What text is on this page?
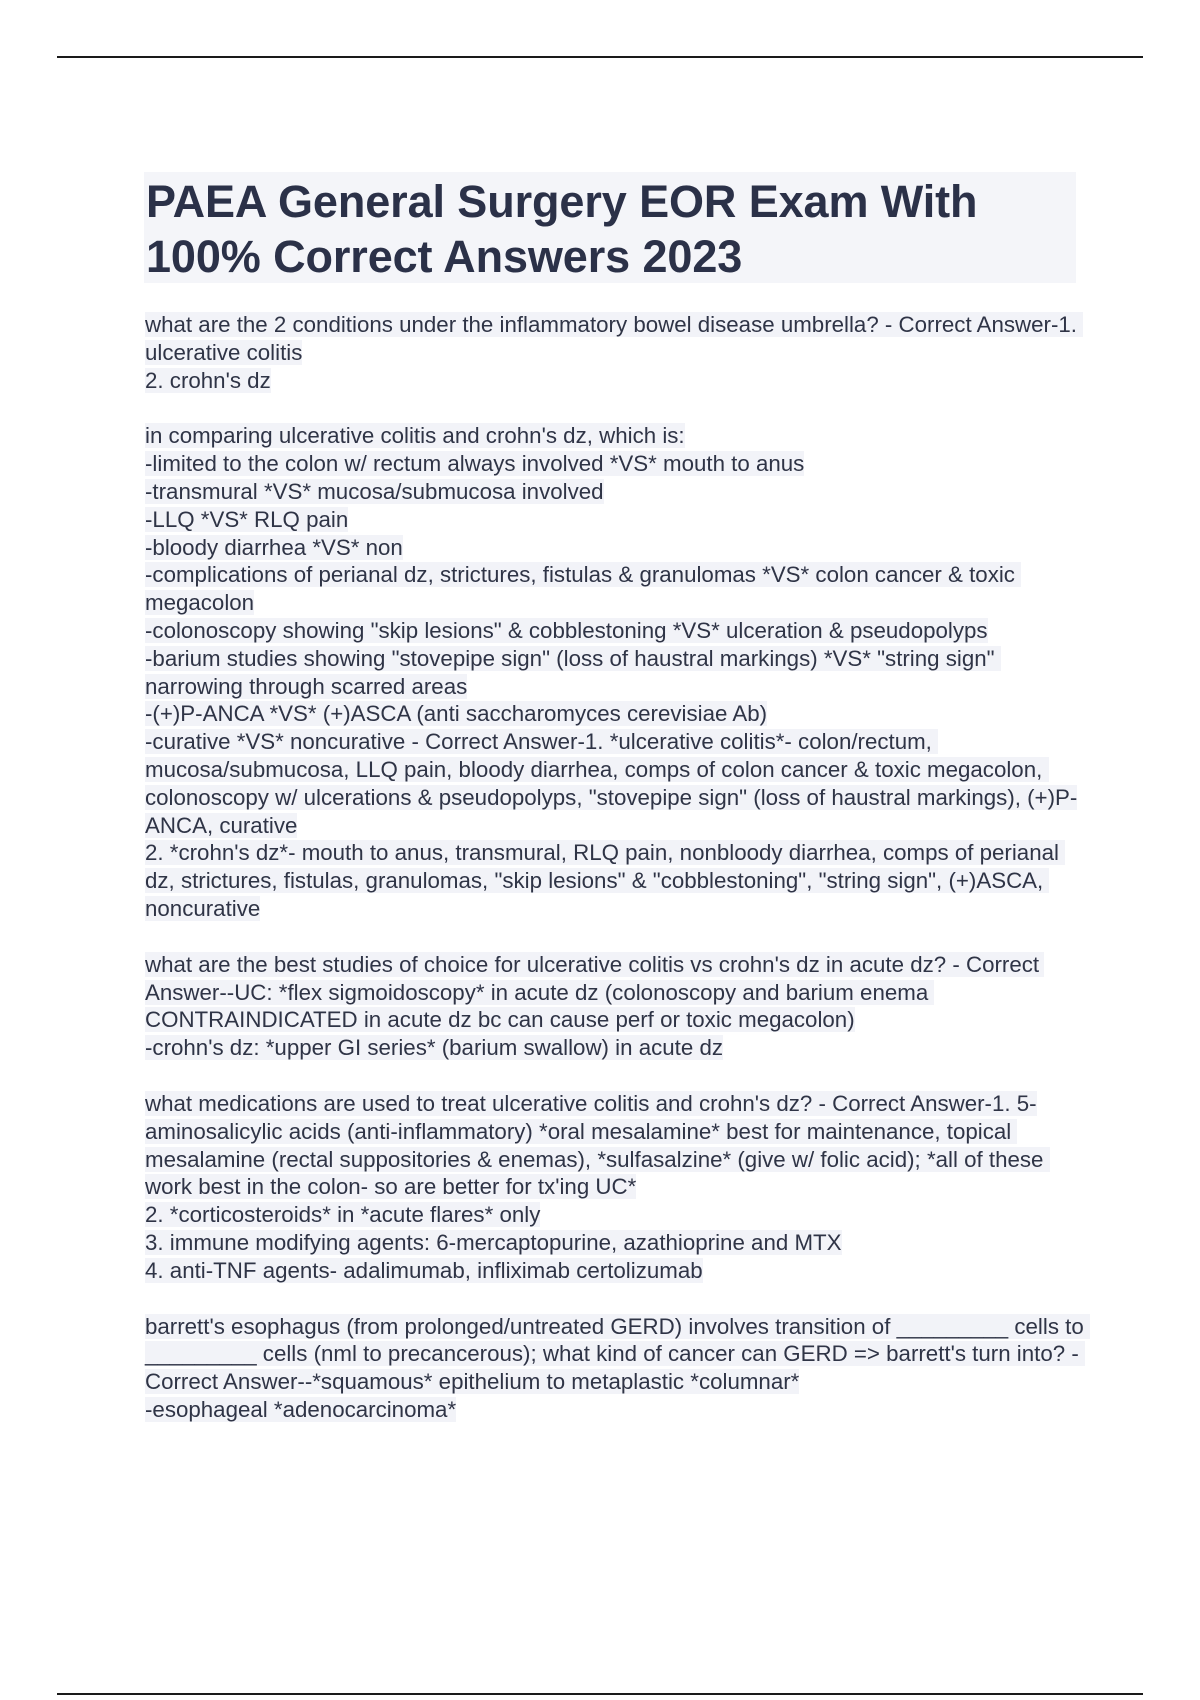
PAEA General Surgery EOR Exam With
100% Correct Answers 2023

what are the 2 conditions under the inflammatory bowel disease umbrella? - Correct Answer-1. ulcerative colitis
2. crohn's dz

in comparing ulcerative colitis and crohn's dz, which is:
-limited to the colon w/ rectum always involved *VS* mouth to anus
-transmural *VS* mucosa/submucosa involved
-LLQ *VS* RLQ pain
-bloody diarrhea *VS* non
-complications of perianal dz, strictures, fistulas & granulomas *VS* colon cancer & toxic megacolon
-colonoscopy showing "skip lesions" & cobblestoning *VS* ulceration & pseudopolyps
-barium studies showing "stovepipe sign" (loss of haustral markings) *VS* "string sign" narrowing through scarred areas
-(+)P-ANCA *VS* (+)ASCA (anti saccharomyces cerevisiae Ab)
-curative *VS* noncurative - Correct Answer-1. *ulcerative colitis*- colon/rectum, mucosa/submucosa, LLQ pain, bloody diarrhea, comps of colon cancer & toxic megacolon, colonoscopy w/ ulcerations & pseudopolyps, "stovepipe sign" (loss of haustral markings), (+)P-ANCA, curative
2. *crohn's dz*- mouth to anus, transmural, RLQ pain, nonbloody diarrhea, comps of perianal dz, strictures, fistulas, granulomas, "skip lesions" & "cobblestoning", "string sign", (+)ASCA, noncurative

what are the best studies of choice for ulcerative colitis vs crohn's dz in acute dz? - Correct Answer--UC: *flex sigmoidoscopy* in acute dz (colonoscopy and barium enema CONTRAINDICATED in acute dz bc can cause perf or toxic megacolon)
-crohn's dz: *upper GI series* (barium swallow) in acute dz

what medications are used to treat ulcerative colitis and crohn's dz? - Correct Answer-1. 5-aminosalicylic acids (anti-inflammatory) *oral mesalamine* best for maintenance, topical mesalamine (rectal suppositories & enemas), *sulfasalzine* (give w/ folic acid); *all of these work best in the colon- so are better for tx'ing UC*
2. *corticosteroids* in *acute flares* only
3. immune modifying agents: 6-mercaptopurine, azathioprine and MTX
4. anti-TNF agents- adalimumab, infliximab certolizumab

barrett's esophagus (from prolonged/untreated GERD) involves transition of _________ cells to _________ cells (nml to precancerous); what kind of cancer can GERD => barrett's turn into? - Correct Answer--*squamous* epithelium to metaplastic *columnar*
-esophageal *adenocarcinoma*
